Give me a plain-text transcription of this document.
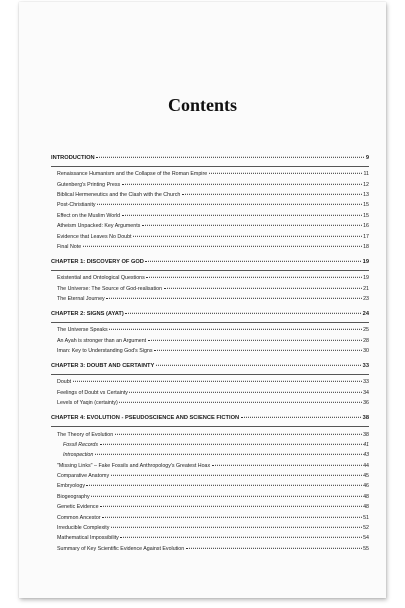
Contents
INTRODUCTION	9
Renaissance Humanism and the Collapse of the Roman Empire	11
Gutenberg's Printing Press	12
Biblical Hermeneutics and the Clash with the Church	13
Post-Christianity	15
Effect on the Muslim World	15
Atheism Unpacked: Key Arguments	16
Evidence that Leaves No Doubt	17
Final Note	18
CHAPTER 1: DISCOVERY OF GOD	19
Existential and Ontological Questions	19
The Universe: The Source of God-realisation	21
The Eternal Journey	23
CHAPTER 2: SIGNS (AYAT)	24
The Universe Speaks	25
An Ayah is stronger than an Argument	28
Iman: Key to Understanding God's Signs	30
CHAPTER 3: DOUBT AND CERTAINTY	33
Doubt	33
Feelings of Doubt vs Certainty	34
Levels of Yaqin (certainty)	36
CHAPTER 4: EVOLUTION - PSEUDOSCIENCE AND SCIENCE FICTION	38
The Theory of Evolution	38
Fossil Records	41
Introspection	43
"Missing Links" – Fake Fossils and Anthropology's Greatest Hoax	44
Comparative Anatomy	45
Embryology	46
Biogeography	48
Genetic Evidence	48
Common Ancestor	51
Irreducible Complexity	52
Mathematical Impossibility	54
Summary of Key Scientific Evidence Against Evolution	55
